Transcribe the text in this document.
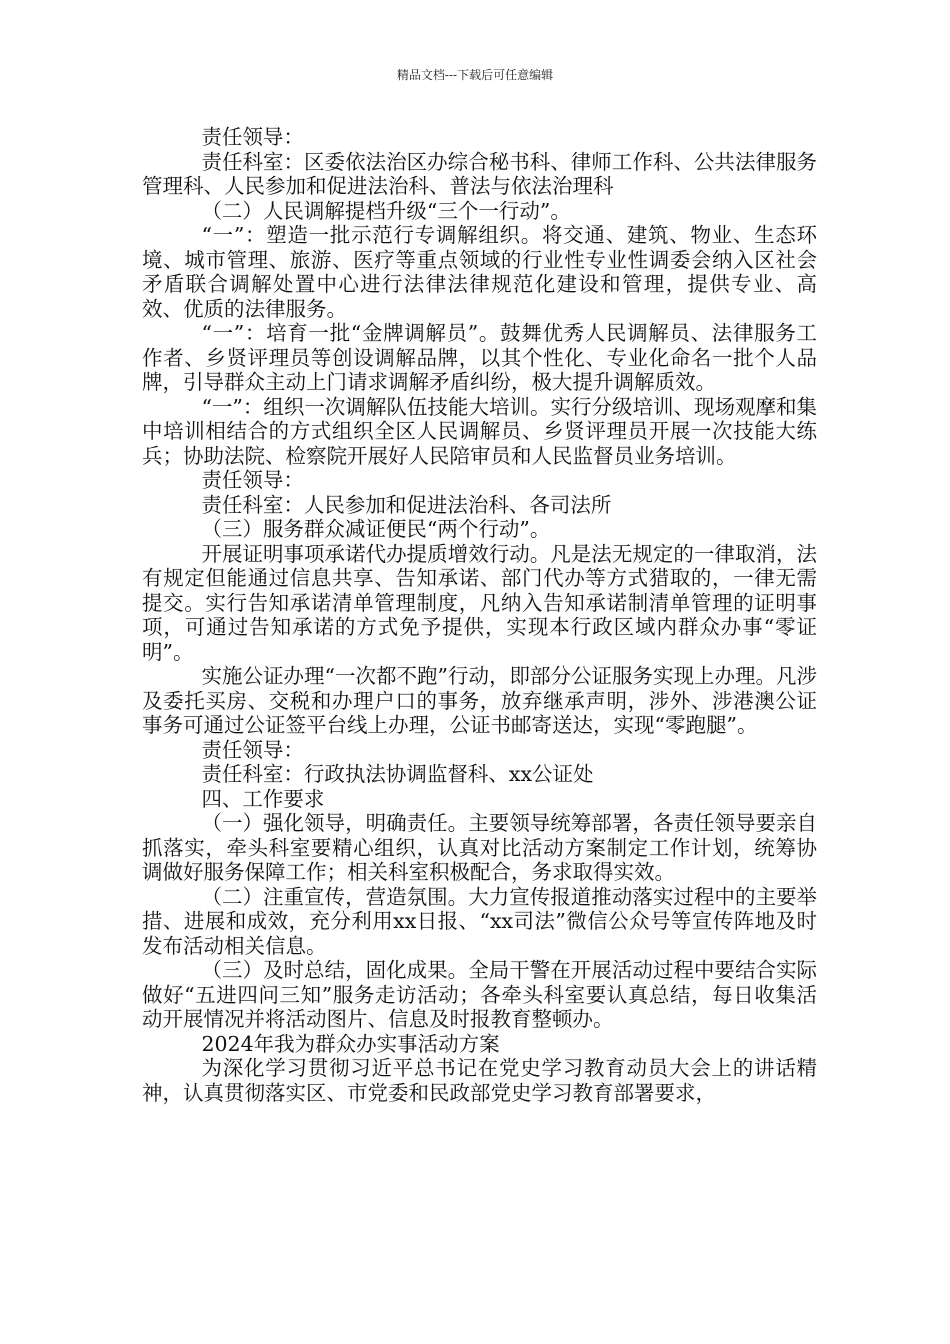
精品文档---下载后可任意编辑

责任领导：

责任科室：区委依法治区办综合秘书科、律师工作科、公共法律服务管理科、人民参加和促进法治科、普法与依法治理科

（二）人民调解提档升级“三个一行动”。

“一”：塑造一批示范行专调解组织。将交通、建筑、物业、生态环境、城市管理、旅游、医疗等重点领域的行业性专业性调委会纳入区社会矛盾联合调解处置中心进行法律法律规范化建设和管理，提供专业、高效、优质的法律服务。

“一”：培育一批“金牌调解员”。鼓舞优秀人民调解员、法律服务工作者、乡贤评理员等创设调解品牌，以其个性化、专业化命名一批个人品牌，引导群众主动上门请求调解矛盾纠纷，极大提升调解质效。

“一”：组织一次调解队伍技能大培训。实行分级培训、现场观摩和集中培训相结合的方式组织全区人民调解员、乡贤评理员开展一次技能大练兵；协助法院、检察院开展好人民陪审员和人民监督员业务培训。

责任领导：

责任科室：人民参加和促进法治科、各司法所

（三）服务群众减证便民“两个行动”。

开展证明事项承诺代办提质增效行动。凡是法无规定的一律取消，法有规定但能通过信息共享、告知承诺、部门代办等方式猎取的，一律无需提交。实行告知承诺清单管理制度，凡纳入告知承诺制清单管理的证明事项，可通过告知承诺的方式免予提供，实现本行政区域内群众办事“零证明”。

实施公证办理“一次都不跑”行动，即部分公证服务实现上办理。凡涉及委托买房、交税和办理户口的事务，放弃继承声明，涉外、涉港澳公证事务可通过公证签平台线上办理，公证书邮寄送达，实现“零跑腿”。

责任领导：

责任科室：行政执法协调监督科、xx公证处

四、工作要求

（一）强化领导，明确责任。主要领导统筹部署，各责任领导要亲自抓落实，牵头科室要精心组织，认真对比活动方案制定工作计划，统筹协调做好服务保障工作；相关科室积极配合，务求取得实效。

（二）注重宣传，营造氛围。大力宣传报道推动落实过程中的主要举措、进展和成效，充分利用xx日报、“xx司法”微信公众号等宣传阵地及时发布活动相关信息。

（三）及时总结，固化成果。全局干警在开展活动过程中要结合实际做好“五进四问三知”服务走访活动；各牵头科室要认真总结，每日收集活动开展情况并将活动图片、信息及时报教育整顿办。

2024年我为群众办实事活动方案

为深化学习贯彻习近平总书记在党史学习教育动员大会上的讲话精神，认真贯彻落实区、市党委和民政部党史学习教育部署要求，
